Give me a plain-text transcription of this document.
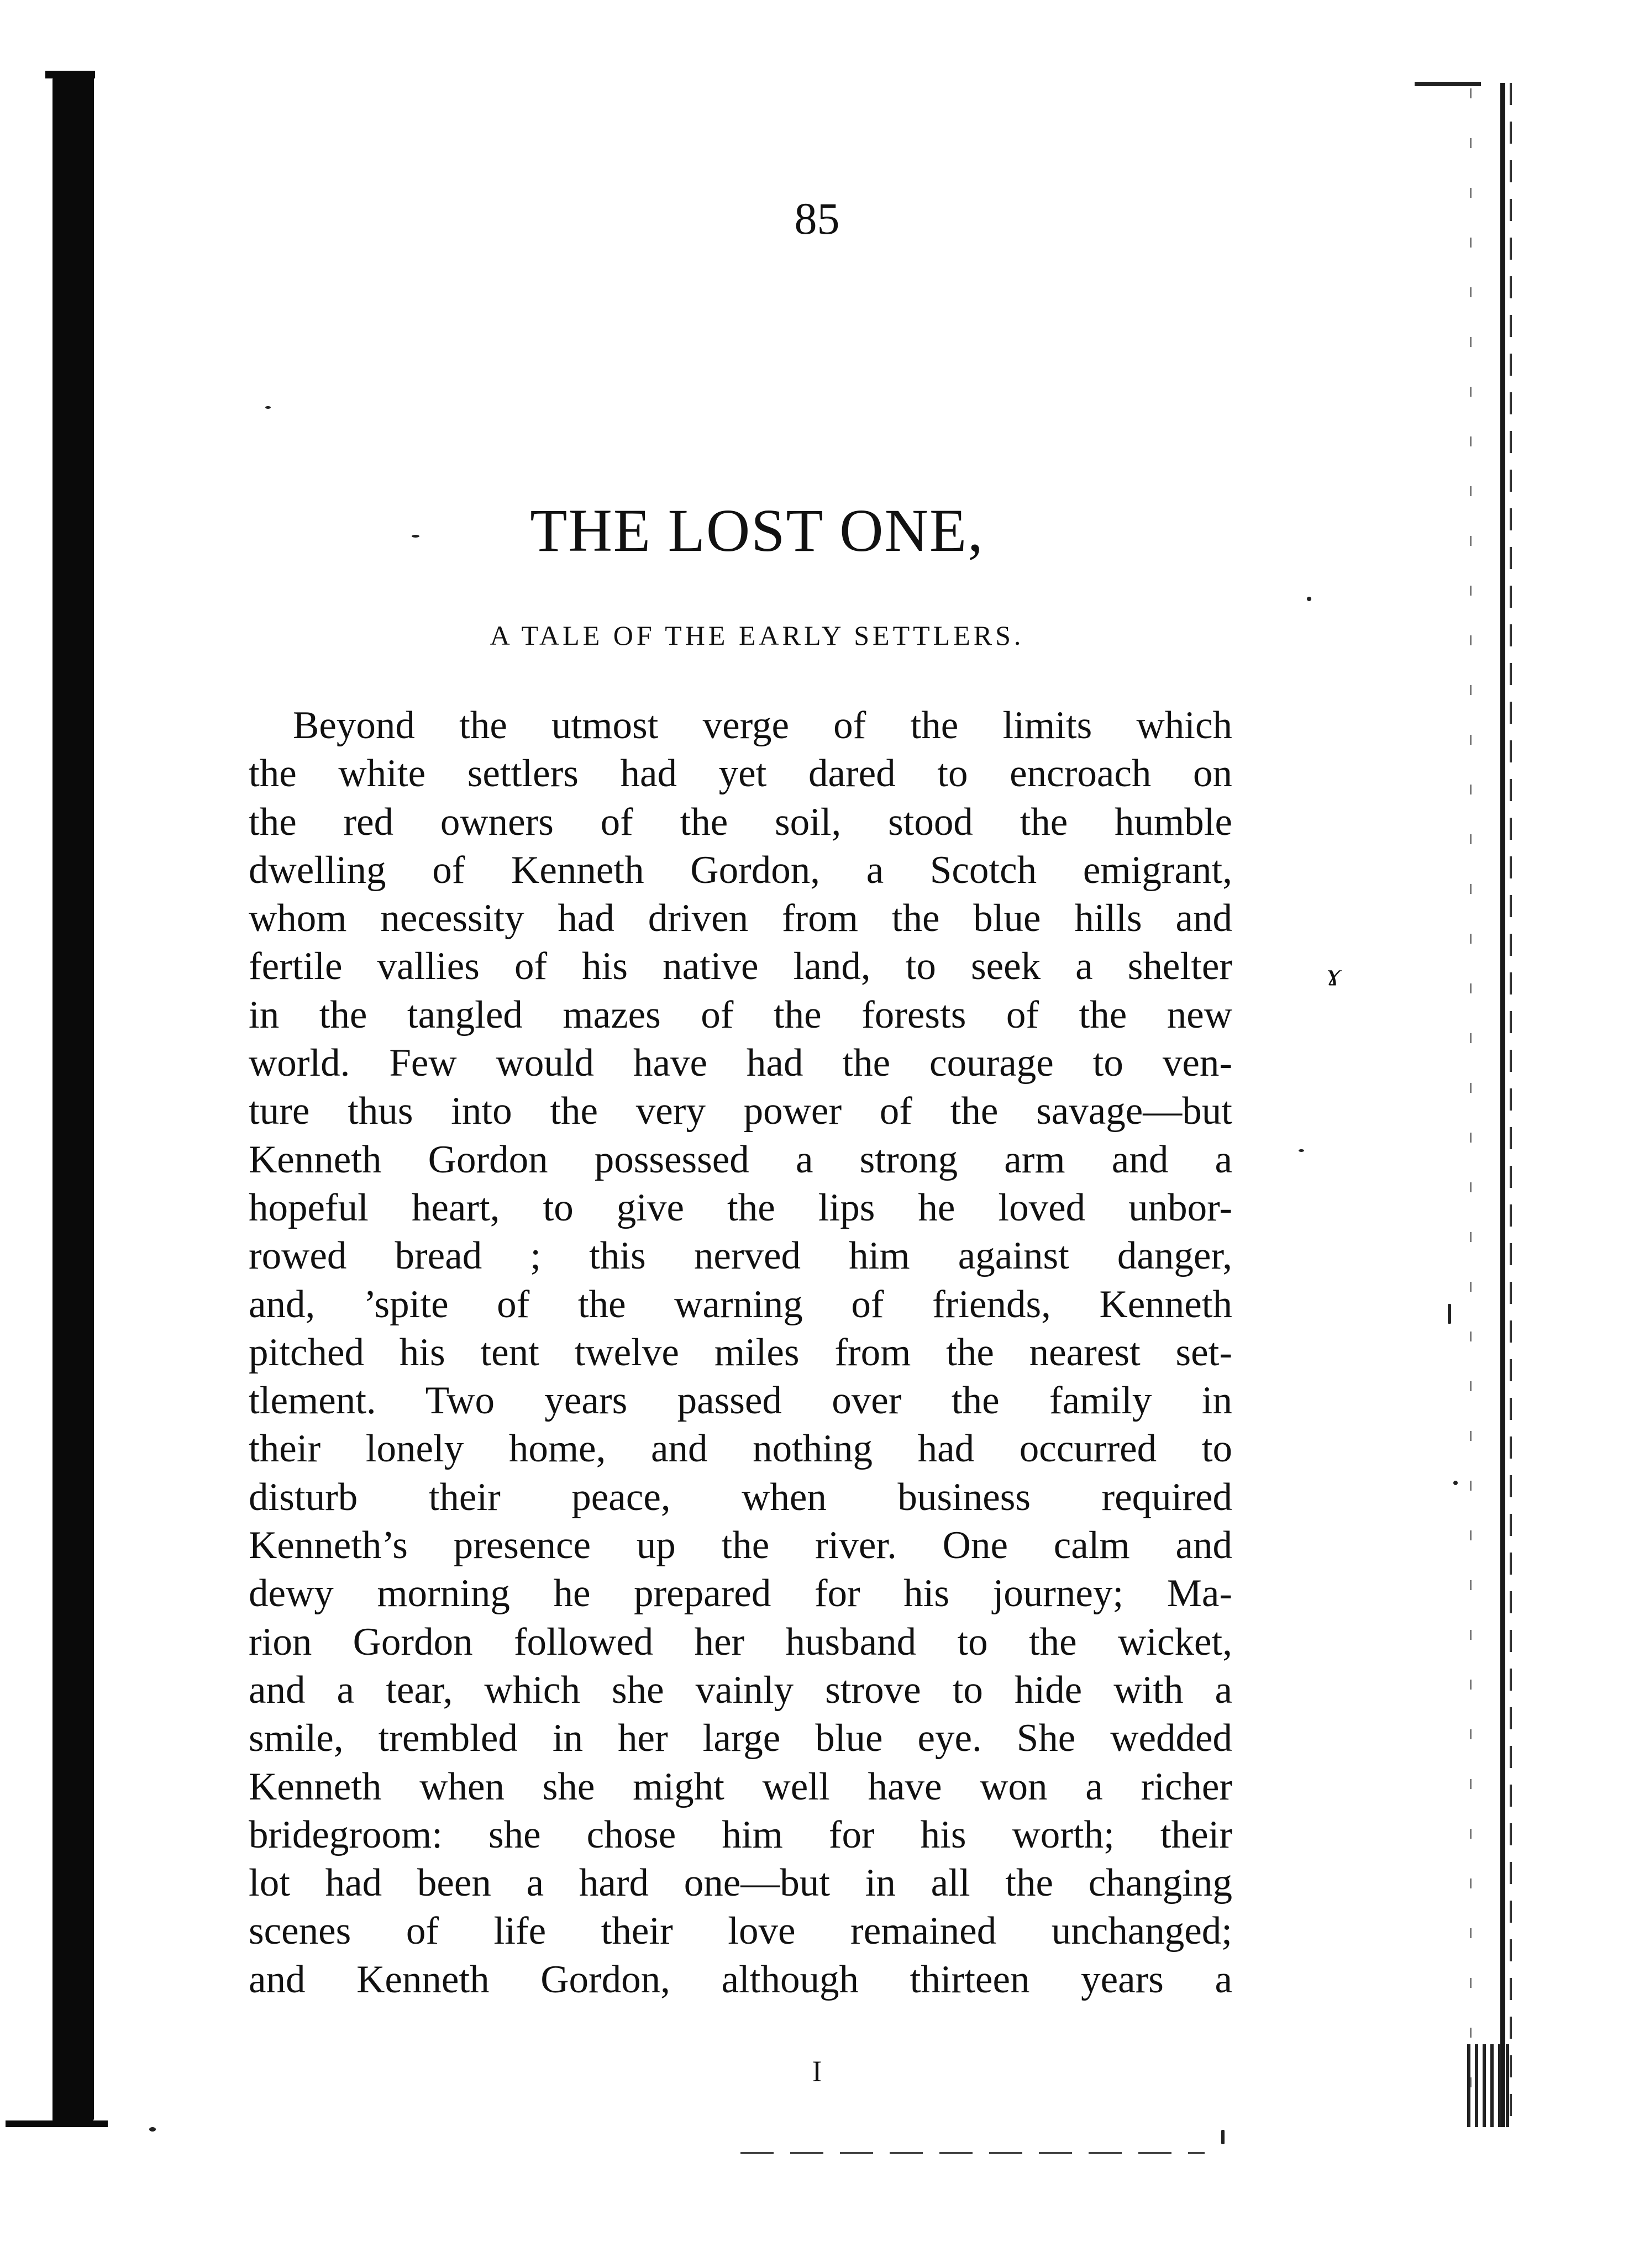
85
THE LOST ONE,
A TALE OF THE EARLY SETTLERS.
Beyond the utmost verge of the limits which
the white settlers had yet dared to encroach on
the red owners of the soil, stood the humble
dwelling of Kenneth Gordon, a Scotch emigrant,
whom necessity had driven from the blue hills and
fertile vallies of his native land, to seek a shelter
in the tangled mazes of the forests of the new
world. Few would have had the courage to ven-
ture thus into the very power of the savage—but
Kenneth Gordon possessed a strong arm and a
hopeful heart, to give the lips he loved unbor-
rowed bread ; this nerved him against danger,
and, ’spite of the warning of friends, Kenneth
pitched his tent twelve miles from the nearest set-
tlement. Two years passed over the family in
their lonely home, and nothing had occurred to
disturb their peace, when business required
Kenneth’s presence up the river. One calm and
dewy morning he prepared for his journey; Ma-
rion Gordon followed her husband to the wicket,
and a tear, which she vainly strove to hide with a
smile, trembled in her large blue eye. She wedded
Kenneth when she might well have won a richer
bridegroom: she chose him for his worth; their
lot had been a hard one—but in all the changing
scenes of life their love remained unchanged;
and Kenneth Gordon, although thirteen years a
ɤ
I
